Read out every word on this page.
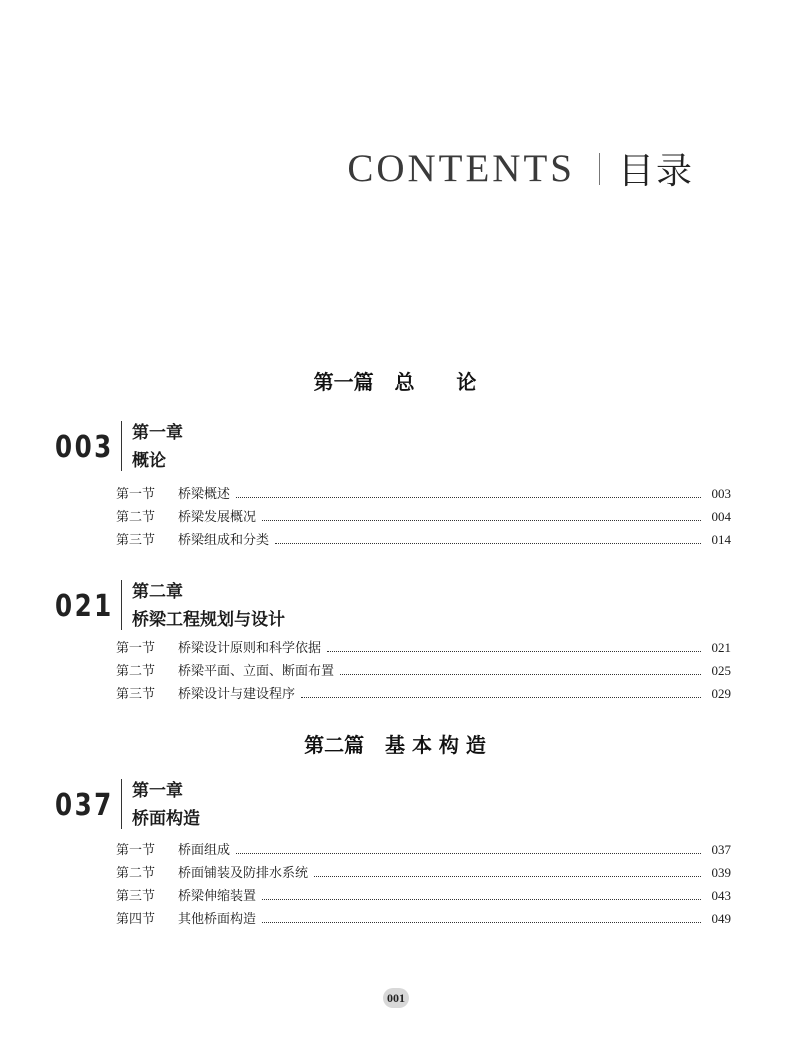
CONTENTS 目录
第一篇   总      论
003 第一章
概论
第一节	桥梁概述	003
第二节	桥梁发展概况	004
第三节	桥梁组成和分类	014
021 第二章
桥梁工程规划与设计
第一节	桥梁设计原则和科学依据	021
第二节	桥梁平面、立面、断面布置	025
第三节	桥梁设计与建设程序	029
第二篇   基 本 构 造
037 第一章
桥面构造
第一节	桥面组成	037
第二节	桥面铺装及防排水系统	039
第三节	桥梁伸缩装置	043
第四节	其他桥面构造	049
001
